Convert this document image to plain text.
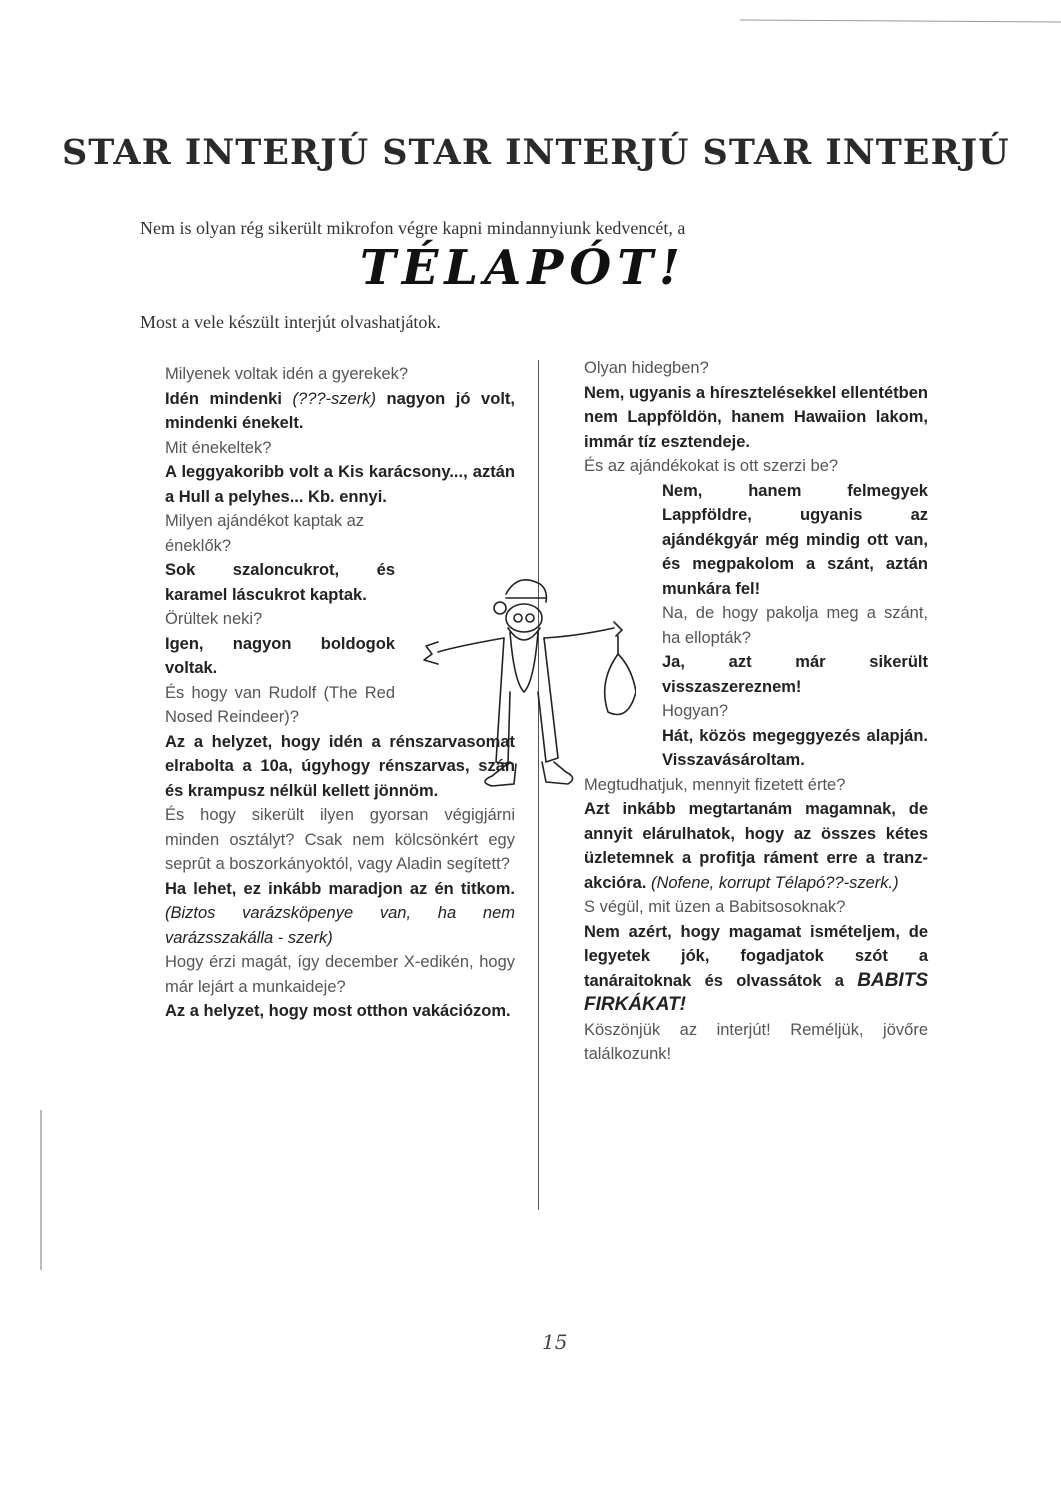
STAR INTERJÚ STAR INTERJÚ STAR INTERJÚ
Nem is olyan rég sikerült mikrofon végre kapni mindannyiunk kedvencét, a
TÉLAPÓT!
Most a vele készült interjút olvashatjátok.
Milyenek voltak idén a gyerekek?
Idén mindenki (???-szerk) nagyon jó volt, mindenki énekelt.
Mit énekeltek?
A leggyakoribb volt a Kis karácsony..., aztán a Hull a pelyhes... Kb. ennyi.
Milyen ajándékot kaptak az éneklők?
Sok szaloncukrot, és karamel láscukrot kaptak.
Örültek neki?
Igen, nagyon boldogok voltak.
És hogy van Rudolf (The Red Nosed Reindeer)?
Az a helyzet, hogy idén a rénszarvasomat elrabolta a 10a, úgyhogy rénszarvas, szán és krampusz nélkül kellett jönnöm.
És hogy sikerült ilyen gyorsan végigjárni minden osztályt? Csak nem kölcsönkért egy seprût a boszorkányoktól, vagy Aladin segített?
Ha lehet, ez inkább maradjon az én titkom. (Biztos varázsköpenye van, ha nem varázsszakálla - szerk)
Hogy érzi magát, így december X-edikén, hogy már lejárt a munkaideje?
Az a helyzet, hogy most otthon vakációzom.
Olyan hidegben?
Nem, ugyanis a híresztelésekkel ellentétben nem Lappföldön, hanem Hawaiion lakom, immár tíz esztendeje.
És az ajándékokat is ott szerzi be?
Nem, hanem felmegyek Lappföldre, ugyanis az ajándékgyár még mindig ott van, és megpakolom a szánt, aztán munkára fel!
Na, de hogy pakolja meg a szánt, ha ellopták?
Ja, azt már sikerült visszaszereznem!
Hogyan?
Hát, közös megeggyezés alapján. Visszavásároltam.
Megtudhatjuk, mennyit fizetett érte?
Azt inkább megtartanám magamnak, de annyit elárulhatok, hogy az összes kétes üzletemnek a profitja ráment erre a tranz-akcióra. (Nofene, korrupt Télapó??-szerk.)
S végül, mit üzen a Babitsosoknak?
Nem azért, hogy magamat ismételjem, de legyetek jók, fogadjatok szót a tanáraitoknak és olvassátok a BABITS FIRKÁKAT!
Köszönjük az interjút! Reméljük, jövőre találkozunk!
15
